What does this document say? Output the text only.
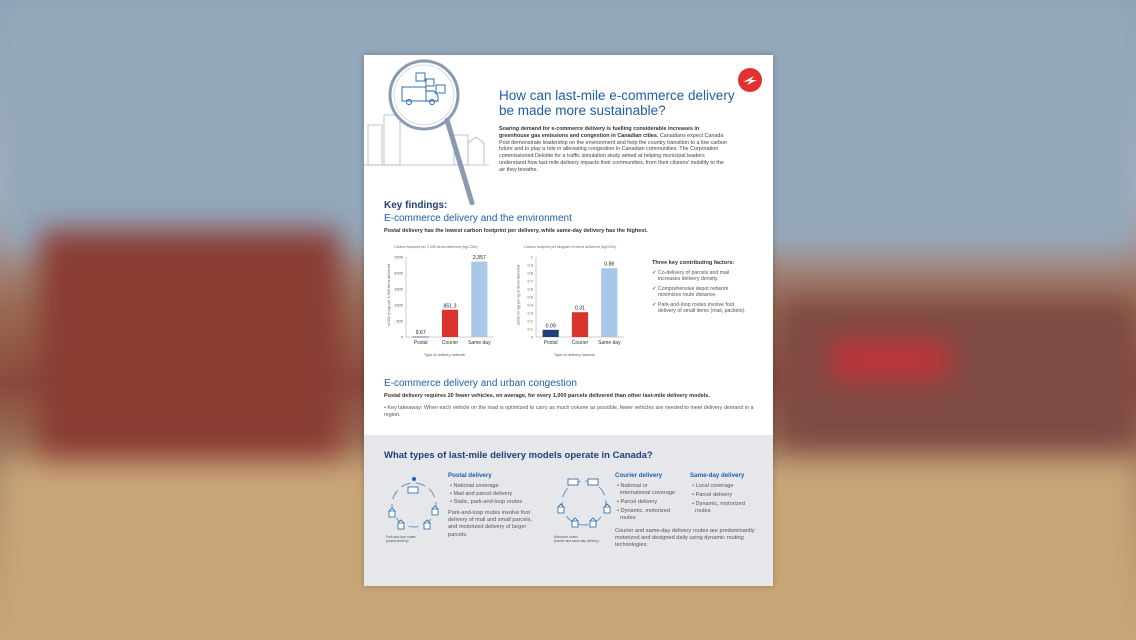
How can last-mile e-commerce delivery be made more sustainable?
Soaring demand for e-commerce delivery is fuelling considerable increases in greenhouse gas emissions and congestion in Canadian cities. Canadians expect Canada Post demonstrate leadership on the environment and help the country transition to a low carbon future and to play a role in alleviating congestion in Canadian communities. The Corporation commissioned Deloitte for a traffic simulation study aimed at helping municipal leaders understand how last-mile delivery impacts their communities, from their citizens' mobility to the air they breathe.
Key findings:
E-commerce delivery and the environment
Postal delivery has the lowest carbon footprint per delivery, while same-day delivery has the highest.
Carbon footprint per 1,000 items delivered (kgCO2e)
eCO2 (in kg) per 1,000 items delivered
Type of delivery network
0
500
1000
1500
2000
2500
9.67
Postal
851.3
Courier
2,357
Same day
Carbon footprint per kilogram of items delivered (kgCO2e)
eCO2 (in kg) per kg of items delivered
Type of delivery network
0
0.1
0.2
0.3
0.4
0.5
0.6
0.7
0.8
0.9
1
0.09
Postal
0.31
Courier
0.86
Same day
Three key contributing factors:
✓ Co-delivery of parcels and mail increases delivery density.
✓ Comprehensive depot network minimizes route distance.
✓ Park-and-loop routes involve foot delivery of small items (mail, packets).
E-commerce delivery and urban congestion
Postal delivery requires 20 fewer vehicles, on average, for every 1,000 parcels delivered than other last-mile delivery models.
• Key takeaway: When each vehicle on the road is optimized to carry as much volume as possible, fewer vehicles are needed to meet delivery demand in a region.
What types of last-mile delivery models operate in Canada?
Park-and-loop routes
(postal delivery)
Postal delivery
• National coverage
• Mail and parcel delivery
• Static, park-and-loop routes
Park-and-loop routes involve foot delivery of mail and small parcels, and motorized delivery of larger parcels.	Motorized routes
(courier and same-day delivery)
Courier delivery
• National or
international coverage
• Parcel delivery
• Dynamic, motorized
routes
Same-day delivery
• Local coverage
• Parcel delivery
• Dynamic, motorized
routes
Courier and same-day delivery routes are predominantly motorized and designed daily using dynamic routing technologies.
